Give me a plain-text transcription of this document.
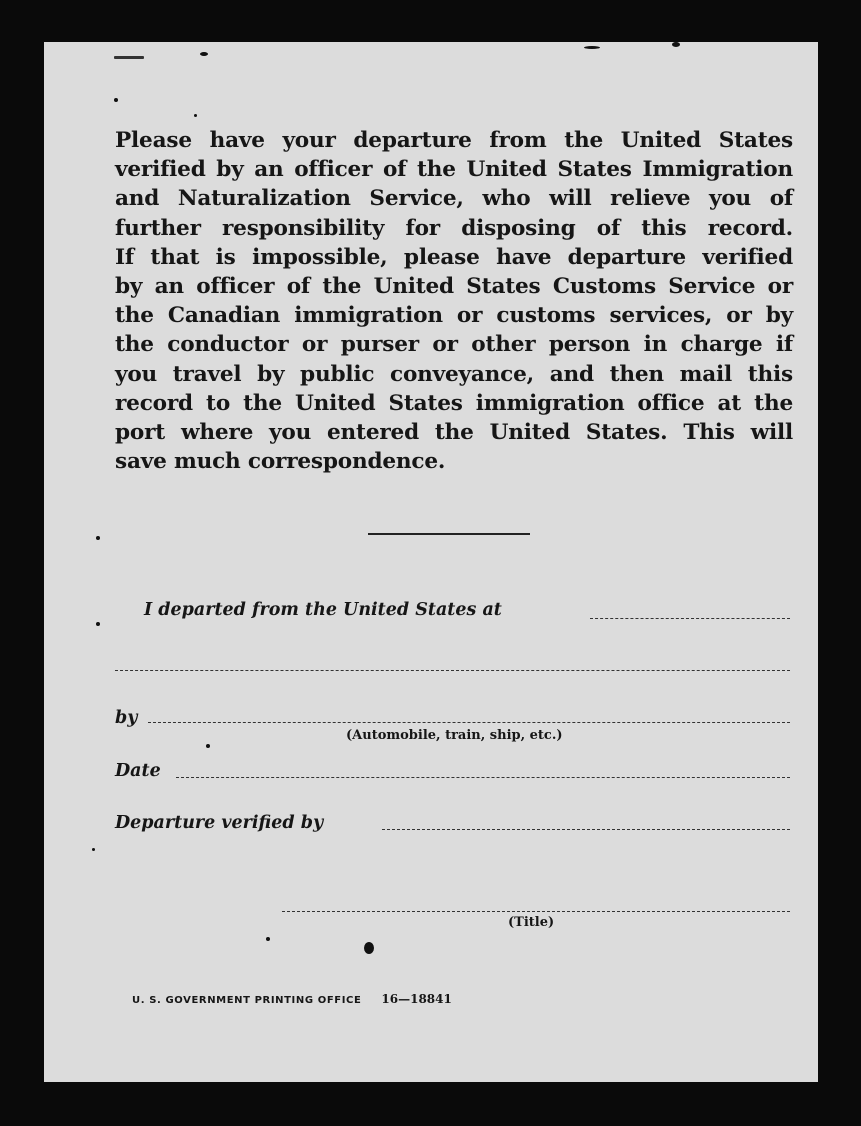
Please have your departure from the United States
verified by an officer of the United States Immigration
and Naturalization Service, who will relieve you of
further responsibility for disposing of this record.
If that is impossible, please have departure verified
by an officer of the United States Customs Service or
the Canadian immigration or customs services, or by
the conductor or purser or other person in charge if
you travel by public conveyance, and then mail this
record to the United States immigration office at the
port where you entered the United States. This will
save much correspondence.
I departed from the United States at
by
(Automobile, train, ship, etc.)
Date
Departure verified by
(Title)
U. S. GOVERNMENT PRINTING OFFICE 16—18841
